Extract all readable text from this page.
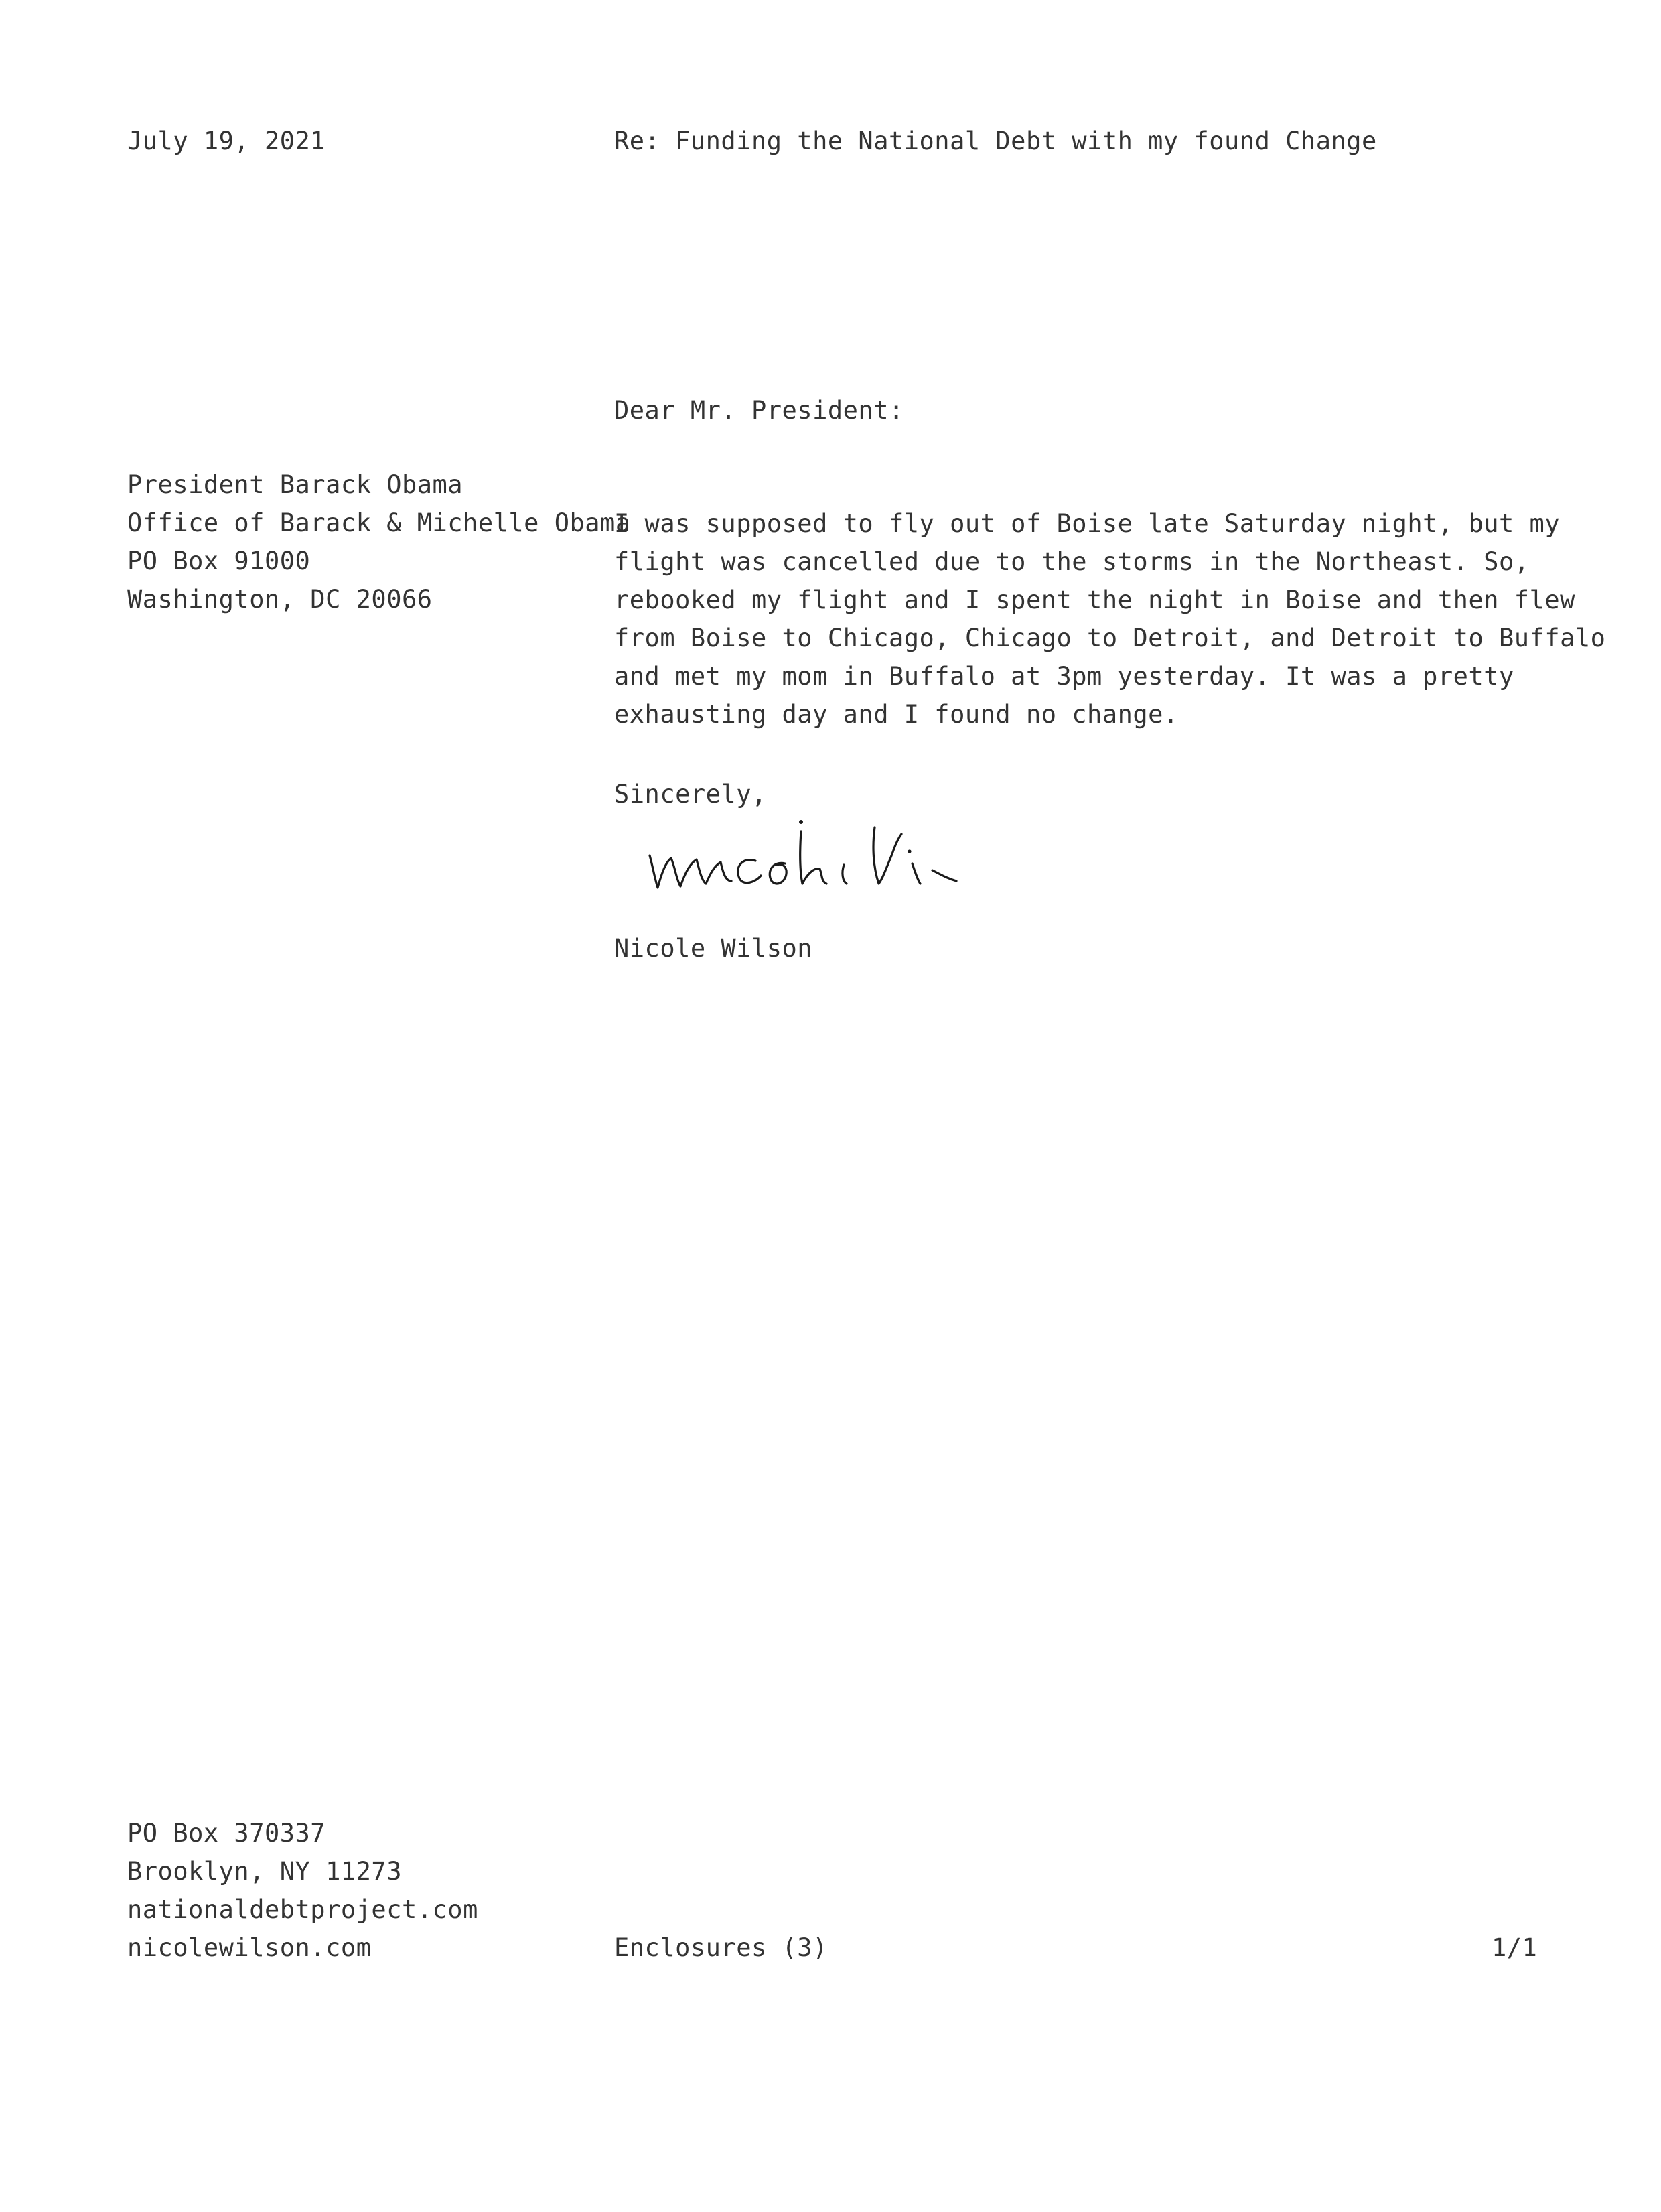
July 19, 2021	Re: Funding the National Debt with my found Change
Dear Mr. President:
President Barack Obama
Office of Barack & Michelle Obama
PO Box 91000
Washington, DC 20066
I was supposed to fly out of Boise late Saturday night, but my
flight was cancelled due to the storms in the Northeast. So,
rebooked my flight and I spent the night in Boise and then flew
from Boise to Chicago, Chicago to Detroit, and Detroit to Buffalo
and met my mom in Buffalo at 3pm yesterday. It was a pretty
exhausting day and I found no change.
Sincerely,
Nicole Wilson
PO Box 370337
Brooklyn, NY 11273
nationaldebtproject.com
nicolewilson.com	Enclosures (3)	1/1
